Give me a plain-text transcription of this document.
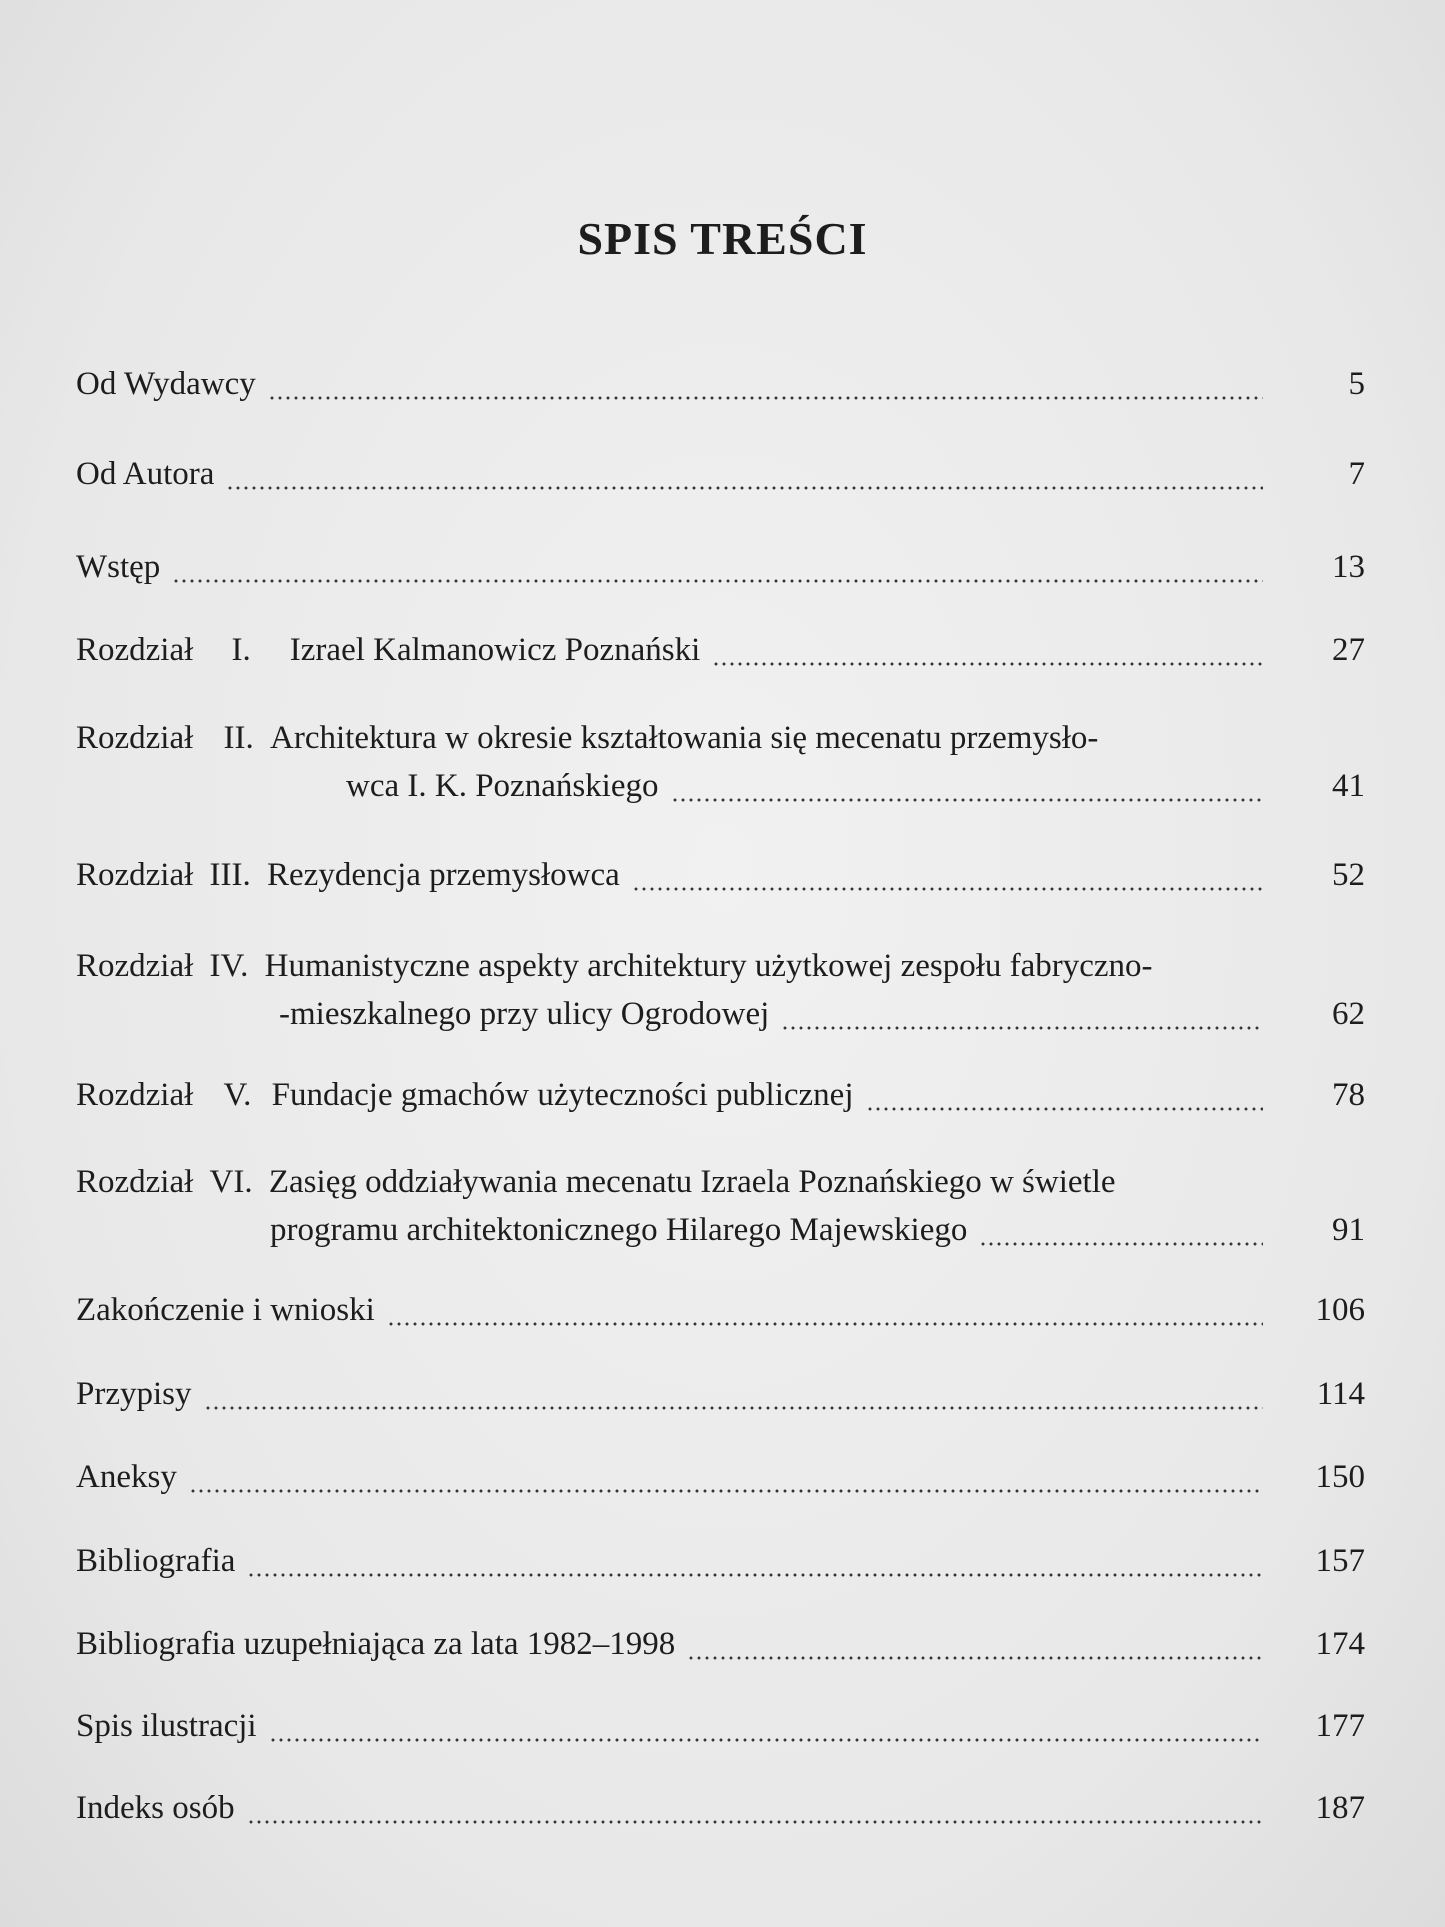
SPIS TREŚCI
Od Wydawcy	5
Od Autora	7
Wstęp	13
Rozdział I. Izrael Kalmanowicz Poznański	27
Rozdział II. Architektura w okresie kształtowania się mecenatu przemysło-
wca I. K. Poznańskiego	41
Rozdział III. Rezydencja przemysłowca	52
Rozdział IV. Humanistyczne aspekty architektury użytkowej zespołu fabryczno-
-mieszkalnego przy ulicy Ogrodowej	62
Rozdział V. Fundacje gmachów użyteczności publicznej	78
Rozdział VI. Zasięg oddziaływania mecenatu Izraela Poznańskiego w świetle
programu architektonicznego Hilarego Majewskiego	91
Zakończenie i wnioski	106
Przypisy	114
Aneksy	150
Bibliografia	157
Bibliografia uzupełniająca za lata 1982–1998	174
Spis ilustracji	177
Indeks osób	187
